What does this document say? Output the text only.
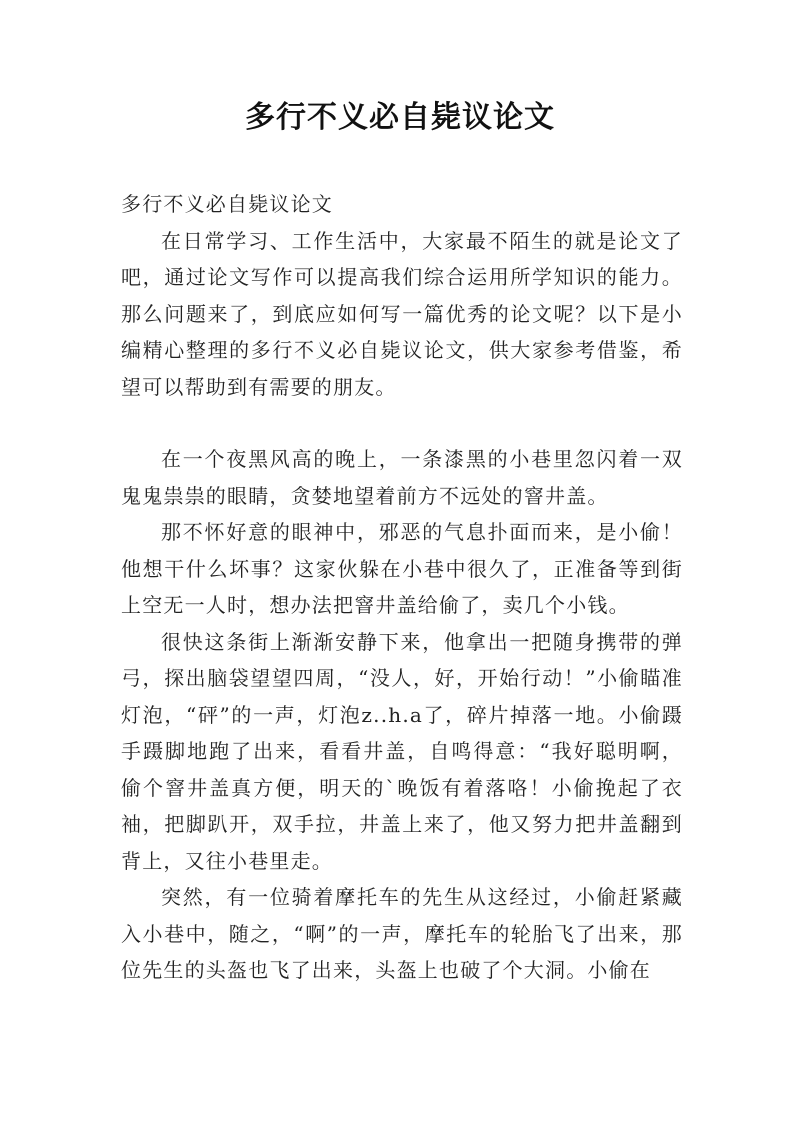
多行不义必自毙议论文

多行不义必自毙议论文

在日常学习、工作生活中，大家最不陌生的就是论文了吧，通过论文写作可以提高我们综合运用所学知识的能力。那么问题来了，到底应如何写一篇优秀的论文呢？以下是小编精心整理的多行不义必自毙议论文，供大家参考借鉴，希望可以帮助到有需要的朋友。

在一个夜黑风高的晚上，一条漆黑的小巷里忽闪着一双鬼鬼祟祟的眼睛，贪婪地望着前方不远处的窨井盖。

那不怀好意的眼神中，邪恶的气息扑面而来，是小偷！他想干什么坏事？这家伙躲在小巷中很久了，正准备等到街上空无一人时，想办法把窨井盖给偷了，卖几个小钱。

很快这条街上渐渐安静下来，他拿出一把随身携带的弹弓，探出脑袋望望四周，“没人，好，开始行动！”小偷瞄准灯泡，“砰”的一声，灯泡z..h.a了，碎片掉落一地。小偷蹑手蹑脚地跑了出来，看看井盖，自鸣得意：“我好聪明啊，偷个窨井盖真方便，明天的`晚饭有着落咯！小偷挽起了衣袖，把脚趴开，双手拉，井盖上来了，他又努力把井盖翻到背上，又往小巷里走。

突然，有一位骑着摩托车的先生从这经过，小偷赶紧藏入小巷中，随之，“啊”的一声，摩托车的轮胎飞了出来，那位先生的头盔也飞了出来，头盔上也破了个大洞。小偷在
